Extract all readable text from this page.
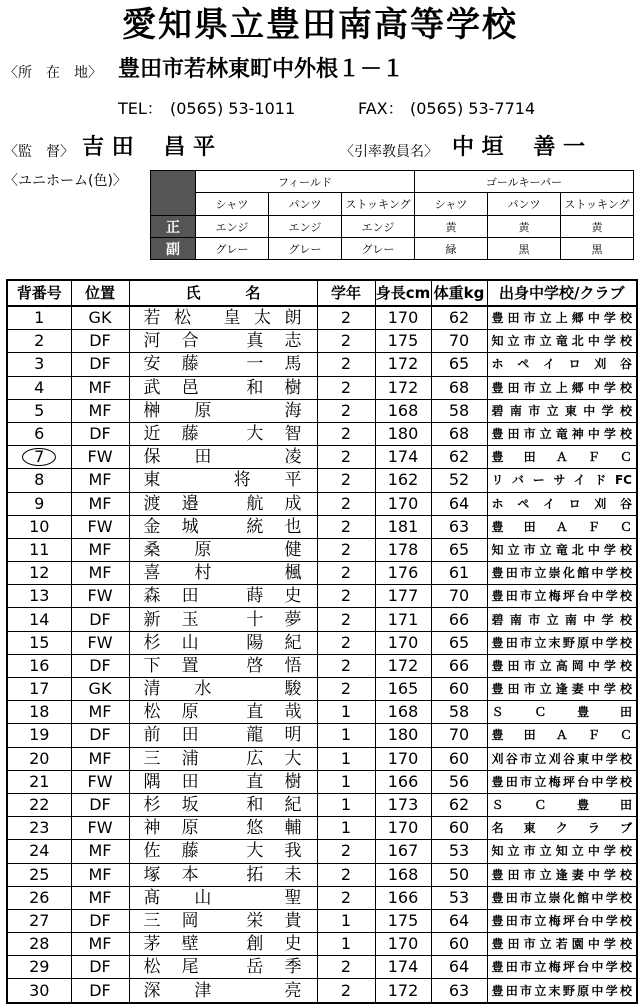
愛知県立豊田南高等学校
〈所　在　地〉 豊田市若林東町中外根１－１
TEL： (0565) 53-1011	FAX： (0565) 53-7714
〈監　督〉 吉 田　 昌 平	〈引率教員名〉 中 垣　 善 一
〈ユニホーム(色)〉
		フィールド			ゴールキーパー		
	シャツ	パンツ	ストッキング	シャツ	パンツ	ストッキング
正	エンジ	エンジ	エンジ	黄	黄	黄
副	グレー	グレー	グレー	緑	黒	黒
背番号	位置	氏　　　名	学年	身長cm	体重kg	出身中学校/クラブ
1	GK	若松 皇太朗	2	170	62	豊田市立上郷中学校
2	DF	河合 真志	2	175	70	知立市立竜北中学校
3	DF	安藤 一馬	2	172	65	ホペイロ刈谷
4	MF	武邑 和樹	2	172	68	豊田市立上郷中学校
5	MF	榊原 海	2	168	58	碧南市立東中学校
6	DF	近藤 大智	2	180	68	豊田市立竜神中学校
7	FW	保田 凌	2	174	62	豊田ＡＦＣ
8	MF	東 将平	2	162	52	リバーサイドFC
9	MF	渡邉 航成	2	170	64	ホペイロ刈谷
10	FW	金城 統也	2	181	63	豊田ＡＦＣ
11	MF	桑原 健	2	178	65	知立市立竜北中学校
12	MF	喜村 楓	2	176	61	豊田市立崇化館中学校
13	FW	森田 蒔史	2	177	70	豊田市立梅坪台中学校
14	DF	新玉 十夢	2	171	66	碧南市立南中学校
15	FW	杉山 陽紀	2	170	65	豊田市立末野原中学校
16	DF	下置 啓悟	2	172	66	豊田市立高岡中学校
17	GK	清水 駿	2	165	60	豊田市立逢妻中学校
18	MF	松原 直哉	1	168	58	ＳＣ豊田
19	DF	前田 龍明	1	180	70	豊田ＡＦＣ
20	MF	三浦 広大	1	170	60	刈谷市立刈谷東中学校
21	FW	隅田 直樹	1	166	56	豊田市立梅坪台中学校
22	DF	杉坂 和紀	1	173	62	ＳＣ豊田
23	FW	神原 悠輔	1	170	60	名東クラブ
24	MF	佐藤 大我	2	167	53	知立市立知立中学校
25	MF	塚本 拓未	2	168	50	豊田市立逢妻中学校
26	MF	髙山 聖	2	166	53	豊田市立崇化館中学校
27	DF	三岡 栄貴	1	175	64	豊田市立梅坪台中学校
28	MF	茅壁 創史	1	170	60	豊田市立若園中学校
29	DF	松尾 岳季	2	174	64	豊田市立梅坪台中学校
30	DF	深津 亮	2	172	63	豊田市立末野原中学校
